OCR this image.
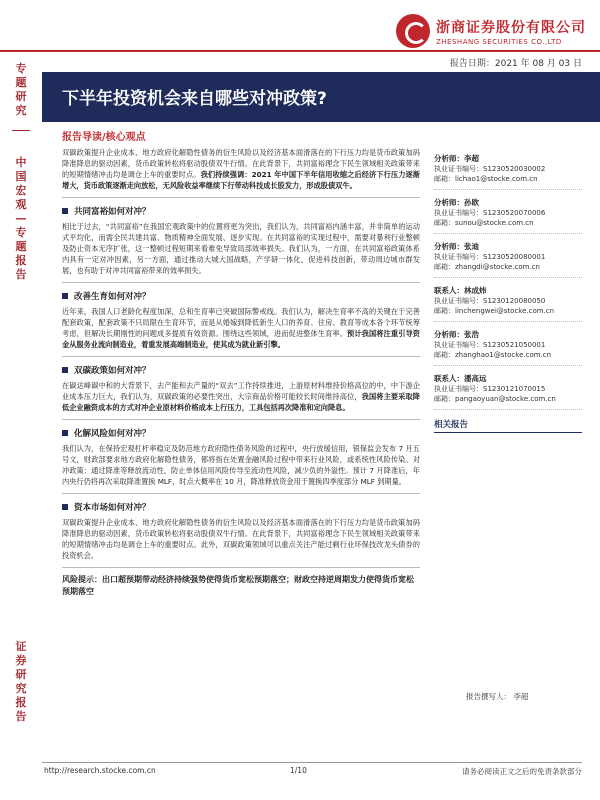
浙商证券股份有限公司
ZHESHANG SECURITIES CO.,LTD
报告日期：2021 年 08 月 03 日
专题研究
中国宏观—专题报告
证券研究报告
下半年投资机会来自哪些对冲政策?
报告导读/核心观点
双碳政策提升企业成本、地方政府化解隐性债务的衍生风险以及经济基本面滑落在的下行压力均是货币政策加码降准降息的驱动因素，货币政策转松将驱动股债双牛行情。在此背景下，共同富裕理念下民生领域相关政策带来的短期情绪冲击均是调仓上车的重要时点。我们持续强调：2021 年中国下半年信用收缩之后经济下行压力逐渐增大，货币政策逐渐走向放松，无风险收益率继续下行带动科技成长股发力，形成股债双牛。
共同富裕如何对冲？
相比于过去，“共同富裕”在我国宏观政策中的位置将更为突出，我们认为，共同富裕内涵丰富，并非简单的运动式平均化，而需全民共建共富、物质精神全面发展、逐步实现。在共同富裕的实现过程中，需要对暴利行业整顿及防止资本无序扩张，这一整顿过程短期来看难免导致局部效率损失。我们认为，一方面，在共同富裕政策体系内具有一定对冲因素，另一方面，通过推动大城大国战略，产学研一体化，促进科技创新，带动周边城市群发展，也有助于对冲共同富裕带来的效率损失。
改善生育如何对冲？
近年来，我国人口老龄化程度加深，总和生育率已突破国际警戒线。我们认为，解决生育率不高的关键在于完善配套政策，配套政策不只局限在生育环节，而是从婚嫁到降低新生人口的养育、住房、教育等成本各个环节统筹考虑，但解决长期刚性的问题成多提质有效资源。围绕这些领域，进而促进整体生育率。预计我国将注重引导资金从服务业流向制造业，着重发展高端制造业，使其成为就业新引擎。
双碳政策如何对冲？
在碳达峰碳中和的大背景下，去产能和去产量的“双去”工作持续推进，上游原材料维持价格高位的中，中下游企业成本压力巨大，我们认为，双碳政策的必要性突出，大宗商品价格可能较长时间维持高位，我国将主要采取降低企业融资成本的方式对冲企业原材料价格成本上行压力，工具包括再次降准和定向降息。
化解风险如何对冲？
我们认为，在保持宏观杠杆率稳定及防范地方政府隐性债务风险的过程中，央行放缓信用，银保监会发布 7 月五号文，财政部要求地方政府化解隐性债务，都将指在处置金融风险过程中带来行业风险，或系统性风险传染。对冲政策：通过降准等释放流动性，防止单体信用风险传导至流动性风险，减少负的外溢性。预计 7 月降准后，年内央行仍将再次采取降准置换 MLF，时点大概率在 10 月，降准释放资金用于置换四季度部分 MLF 到期量。
资本市场如何对冲？
双碳政策提升企业成本、地方政府化解隐性债务的衍生风险以及经济基本面滑落在的下行压力均是货币政策加码降准降息的驱动因素，货币政策转松将驱动股债双牛行情。在此背景下，共同富裕理念下民生领域相关政策带来的短期情绪冲击均是调仓上车的重要时点。此外，双碳政策领域可以重点关注产能过剩行业环保技改龙头债券的投资机会。
风险提示：出口超预期带动经济持续强势使得货币宽松预期落空；财政空持逆周期发力使得货币宽松预期落空
分析师：李超
执业证书编号：S1230520030002
邮箱：lichao1@stocke.com.cn
分析师：孙欧
执业证书编号：S1230520070006
邮箱：sunou@stocke.com.cn
分析师：张迪
执业证书编号：S1230520080001
邮箱：zhangdi@stocke.com.cn
联系人：林成炜
执业证书编号：S1230120080050
邮箱：linchengwei@stocke.com.cn
分析师：张浩
执业证书编号：S1230521050001
邮箱：zhanghao1@stocke.com.cn
联系人：潘高远
执业证书编号：S1230121070015
邮箱：pangaoyuan@stocke.com.cn
相关报告
报告撰写人： 李超
http://research.stocke.com.cn	1/10	请务必阅读正文之后的免责条款部分
